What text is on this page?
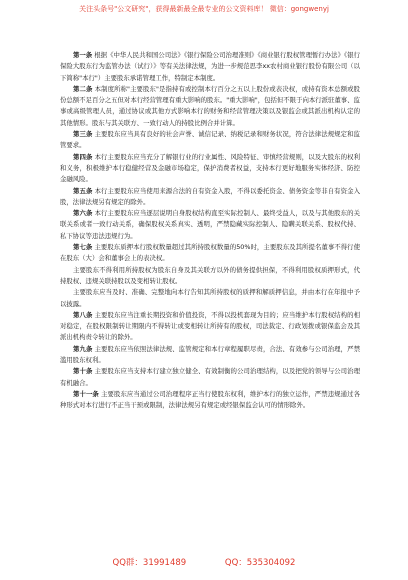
关注头条号"公文研究"，获得最新最全最专业的公文资料库！ 微信：gongwenyj

第一条 根据《中华人民共和国公司法》《银行保险公司治理准则》《商业银行股权管理暂行办法》《银行保险大股东行为监管办法（试行）》等有关法律法规，为进一步规范思李xx农村商业银行股份有限公司（以下简称"本行"）主要股东承诺管理工作，特制定本制度。

第二条 本制度所称"主要股东"是指持有或控制本行百分之五以上股份或表决权，或持有资本总额或股份总额不足百分之五但对本行经营管理有重大影响的股东。"重大影响"，包括但不限于向本行派驻董事、监事或高级管理人员，通过协议或其他方式影响本行的财务和经营管理决策以及银监会或其派出机构认定的其他情形。股东与其关联方、一致行动人的持股比例合并计算。

第三条 主要股东应当具有良好的社会声誉、诚信记录、纳税记录和财务状况，符合法律法规规定和监管要求。

第四条 本行主要股东应当充分了解银行业的行业属性、风险特征、审慎经营规则，以及大股东的权利和义务，积极维护本行稳健经营及金融市场稳定，保护消费者权益，支持本行更好地服务实体经济、防控金融风险。

第五条 本行主要股东应当使用来源合法的自有资金入股，不得以委托资金、债务资金等非自有资金入股，法律法规另有规定的除外。

第六条 本行主要股东应当逐层说明自身股权结构直至实际控制人、最终受益人，以及与其他股东的关联关系或者一致行动关系，确保股权关系真实、透明，严禁隐藏实际控制人、隐瞒关联关系、股权代持、私下协议等违法违规行为。

第七条 主要股东质押本行股权数量超过其所持股权数量的50%时，主要股东及其所提名董事不得行使在股东（大）会和董事会上的表决权。

主要股东不得利用所持股权为股东自身及其关联方以外的债务提供担保，不得利用股权质押形式，代持股权、违规关联持股以及变相转让股权。

主要股东应当及时、准确、完整地向本行告知其所持股权的质押和解质押信息，并由本行在年报中予以披露。

第八条 主要股东应当注重长期投资和价值投资，不得以投机套现为目的；应当维护本行股权结构的相对稳定，在股权限制转让期限内不得转让或变相转让所持有的股权，司法裁定、行政划拨或银保监会及其派出机构责令转让的除外。

第九条 主要股东应当依照法律法规、监管规定和本行章程履职尽责，合法、有效参与公司治理，严禁滥用股东权利。

第十条 主要股东应当支持本行建立独立健全、有效制衡的公司治理结构，以及把党的领导与公司治理有机融合。

第十一条 主要股东应当通过公司治理程序正当行使股东权利，维护本行的独立运作，严禁违规通过各种形式对本行进行不正当干预或限制，法律法规另有规定或经银保监会认可的情形除外。

QQ群：31991489	QQ：535304092
